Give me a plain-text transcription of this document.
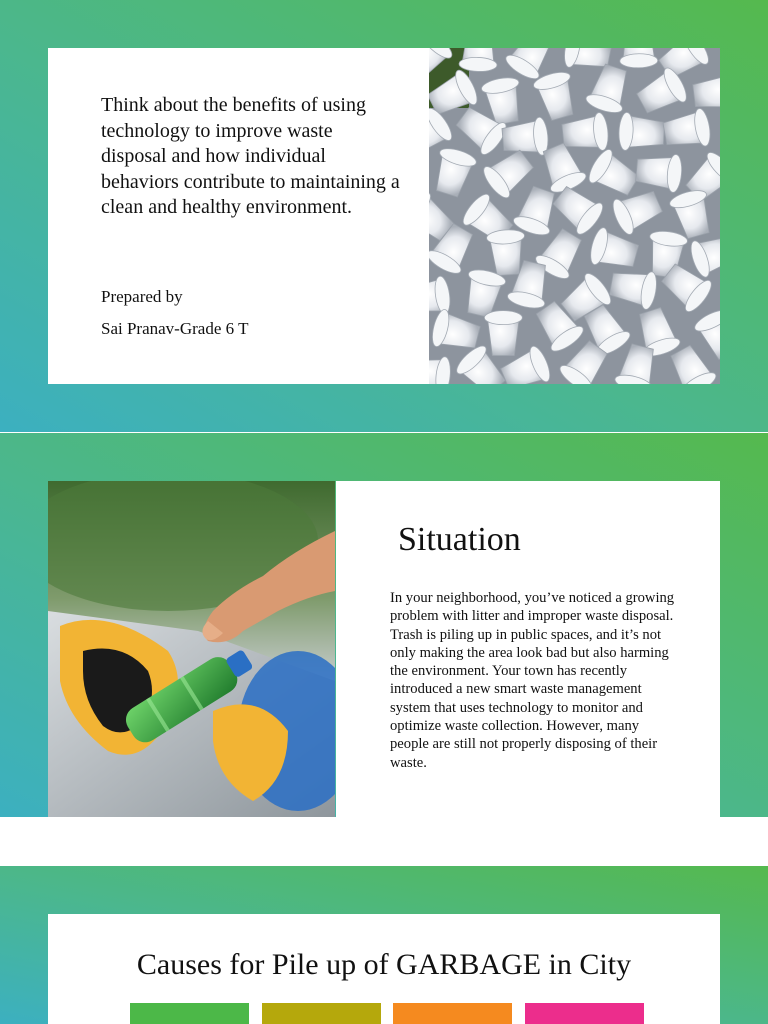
Think about the benefits of using technology to improve waste disposal and how individual behaviors contribute to maintaining a clean and healthy environment.

Prepared by

Sai Pranav-Grade 6 T

Situation

In your neighborhood, you’ve noticed a growing problem with litter and improper waste disposal. Trash is piling up in public spaces, and it’s not only making the area look bad but also harming the environment. Your town has recently introduced a new smart waste management system that uses technology to monitor and optimize waste collection. However, many people are still not properly disposing of their waste.

Causes for Pile up of GARBAGE in City
